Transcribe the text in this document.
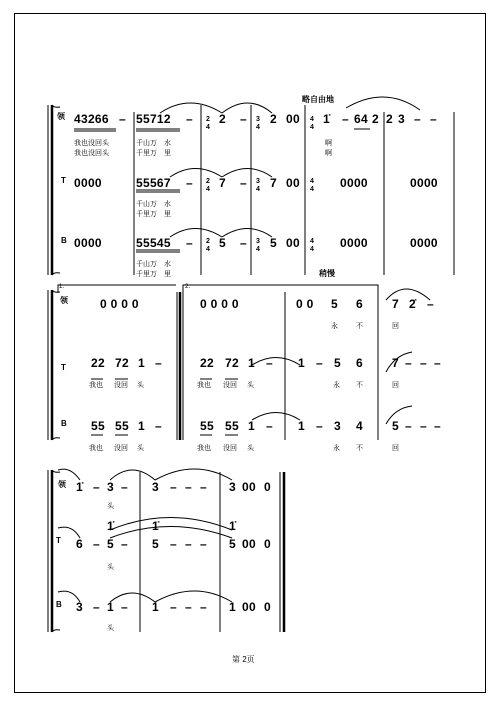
略自由地
领
T
B
43266 – 55712 – 2 – 2 00 1̇ – 64 2 2 3 – –
我也没回头	千山万　水	啊
我也没回头	千里万　里	啊
0000	55567 – 7 – 7 00	0000	0000
千山万　水
千里万　里
0000	55545 – 5 – 5 00	0000	0000
千山万　水
千里万　里
2
4
3
4
4
4
2
4
3
4
4
4
2
4
3
4
4
4
1.	2.
稍慢
领
T
B
0 0 0 0	0 0 0 0	0 0 5 6 7 2̇ –
永	不	回
22 72 1 –	22 72 1 – 1 – 5 6 7 – – –
我也 没回 头	我也 没回 头	永 不	回
55 55 1 –	55 55 1 – 1 – 3 4 5 – – –
我也 没回 头	我也 没回 头	永 不	回
领
T
B
1̇ – 3 – 3 – – – 3 00 0
头
6 – 5 – 5 – – – 5 00 0
1̇	1̇	1̇
头
3 – 1 – 1 – – – 1 00 0
头
第 2页
